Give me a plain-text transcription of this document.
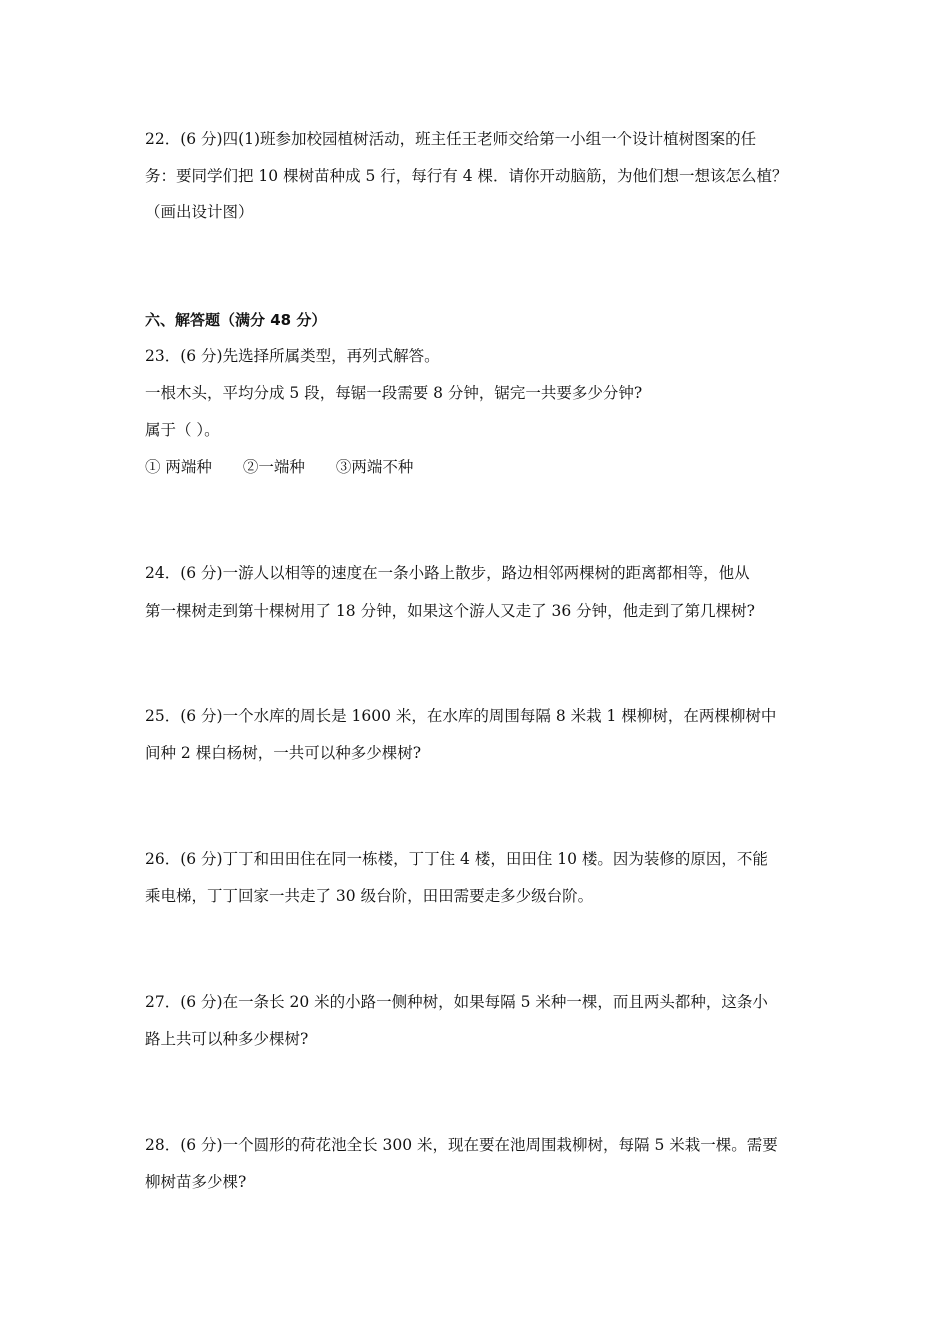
22．(6 分)四(1)班参加校园植树活动，班主任王老师交给第一小组一个设计植树图案的任
务：要同学们把 10 棵树苗种成 5 行，每行有 4 棵．请你开动脑筋，为他们想一想该怎么植？
（画出设计图）
六、解答题（满分 48 分）
23．(6 分)先选择所属类型，再列式解答。
一根木头，平均分成 5 段，每锯一段需要 8 分钟，锯完一共要多少分钟?
属于（ ）。
① 两端种 ②一端种 ③两端不种
24．(6 分)一游人以相等的速度在一条小路上散步，路边相邻两棵树的距离都相等，他从
第一棵树走到第十棵树用了 18 分钟，如果这个游人又走了 36 分钟，他走到了第几棵树?
25．(6 分)一个水库的周长是 1600 米，在水库的周围每隔 8 米栽 1 棵柳树，在两棵柳树中
间种 2 棵白杨树，一共可以种多少棵树?
26．(6 分)丁丁和田田住在同一栋楼，丁丁住 4 楼，田田住 10 楼。因为装修的原因，不能
乘电梯，丁丁回家一共走了 30 级台阶，田田需要走多少级台阶。
27．(6 分)在一条长 20 米的小路一侧种树，如果每隔 5 米种一棵，而且两头都种，这条小
路上共可以种多少棵树?
28．(6 分)一个圆形的荷花池全长 300 米，现在要在池周围栽柳树，每隔 5 米栽一棵。需要
柳树苗多少棵?
